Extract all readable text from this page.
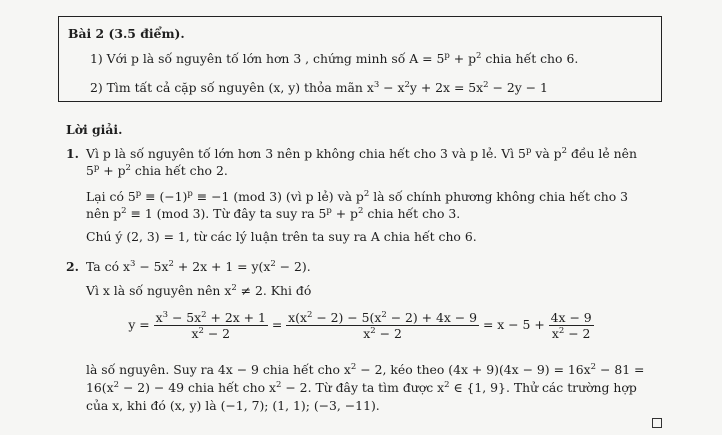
Bài 2 (3.5 điểm).
1) Với p là số nguyên tố lớn hơn 3 , chứng minh số $A = 5^p + p^2$ chia hết cho 6.
2) Tìm tất cả cặp số nguyên (x, y) thỏa mãn $x^3 - x^2y + 2x = 5x^2 - 2y - 1$
Lời giải.
1. Vì p là số nguyên tố lớn hơn 3 nên p không chia hết cho 3 và p lẻ. Vì 5$^p$ và $p^2$ đều lẻ nên
$5^p + p^2$ chia hết cho 2.
Lại có $5^p \equiv (-1)^p \equiv -1$ (mod 3) (vì p lẻ) và $p^2$ là số chính phương không chia hết cho 3
nên $p^2 \equiv 1$ (mod 3). Từ đây ta suy ra $5^p + p^2$ chia hết cho 3.
Chú ý (2, 3) = 1, từ các lý luận trên ta suy ra A chia hết cho 6.
2. Ta có $x^3 - 5x^2 + 2x + 1 = y(x^2 - 2)$.
Vì x là số nguyên nên $x^2 \ne 2$. Khi đó
$y = \frac{x^3 - 5x^2 + 2x + 1}{x^2 - 2} = \frac{x(x^2 - 2) - 5(x^2 - 2) + 4x - 9}{x^2 - 2} = x - 5 + \frac{4x - 9}{x^2 - 2}$
là số nguyên. Suy ra 4x − 9 chia hết cho $x^2 - 2$, kéo theo $(4x + 9)(4x - 9) = 16x^2 - 81$ =
$16(x^2 - 2) - 49$ chia hết cho $x^2 - 2$. Từ đây ta tìm được $x^2$ ∈ {1, 9}. Thử các trường hợp
của x, khi đó (x, y) là (−1, 7); (1, 1); (−3, −11).
